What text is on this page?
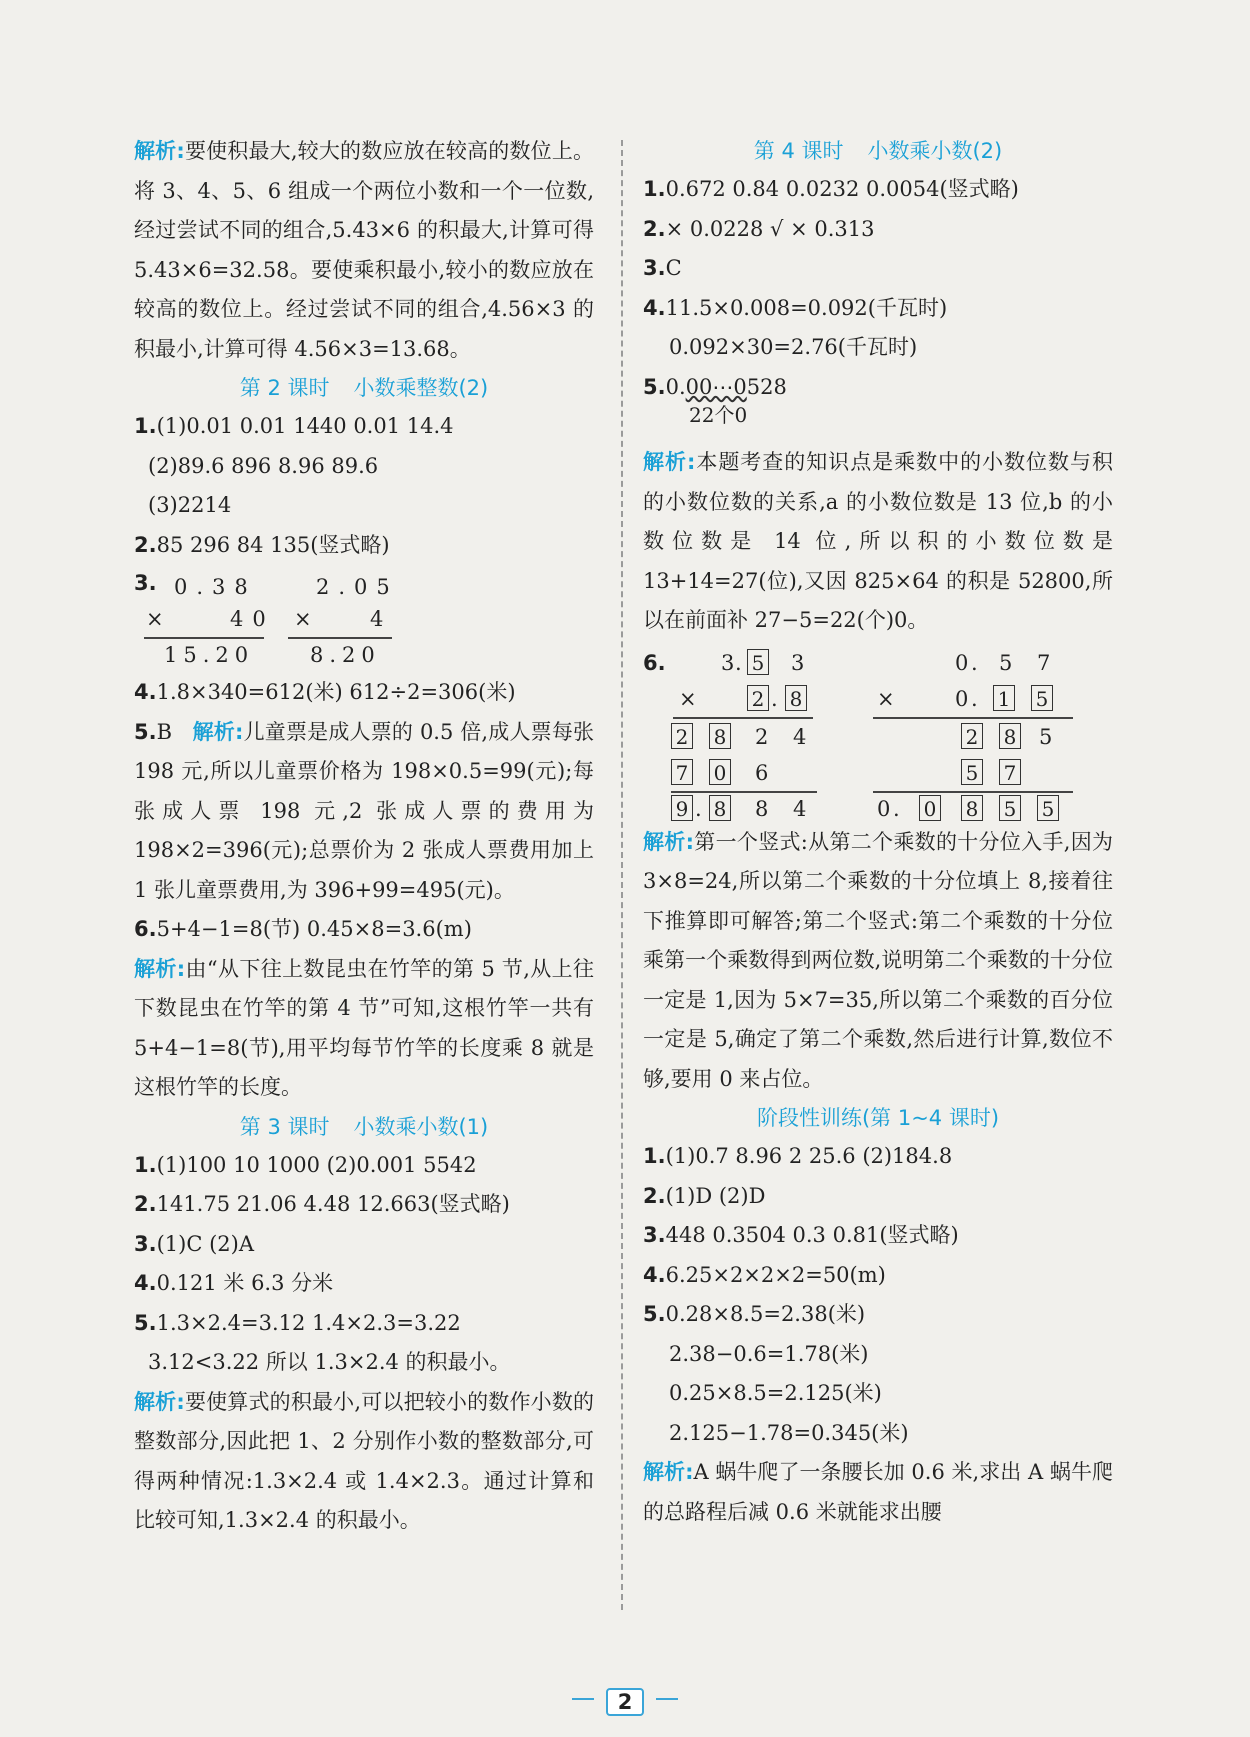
解析:要使积最大,较大的数应放在较高的数位上。将 3、4、5、6 组成一个两位小数和一个一位数,经过尝试不同的组合,5.43×6 的积最大,计算可得 5.43×6=32.58。要使乘积最小,较小的数应放在较高的数位上。经过尝试不同的组合,4.56×3 的积最小,计算可得 4.56×3=13.68。

第 2 课时 小数乘整数(2)

1.(1)0.01 0.01 1440 0.01 14.4

(2)89.6 896 8.96 89.6

(3)2214

2.85 296 84 135(竖式略)

3. 0.38
×	40
15.20
2.05
×	4
8.20

4.1.8×340=612(米) 612÷2=306(米)

5.B 解析:儿童票是成人票的 0.5 倍,成人票每张 198 元,所以儿童票价格为 198×0.5=99(元);每张成人票 198 元,2 张成人票的费用为 198×2=396(元);总票价为 2 张成人票费用加上 1 张儿童票费用,为 396+99=495(元)。

6.5+4−1=8(节) 0.45×8=3.6(m)

解析:由“从下往上数昆虫在竹竿的第 5 节,从上往下数昆虫在竹竿的第 4 节”可知,这根竹竿一共有 5+4−1=8(节),用平均每节竹竿的长度乘 8 就是这根竹竿的长度。

第 3 课时 小数乘小数(1)

1.(1)100 10 1000 (2)0.001 5542

2.141.75 21.06 4.48 12.663(竖式略)

3.(1)C (2)A

4.0.121 米 6.3 分米

5.1.3×2.4=3.12 1.4×2.3=3.22

3.12<3.22 所以 1.3×2.4 的积最小。

解析:要使算式的积最小,可以把较小的数作小数的整数部分,因此把 1、2 分别作小数的整数部分,可得两种情况:1.3×2.4 或 1.4×2.3。通过计算和比较可知,1.3×2.4 的积最小。

第 4 课时 小数乘小数(2)

1.0.672 0.84 0.0232 0.0054(竖式略)

2.× 0.0228 √ × 0.313

3.C

4.11.5×0.008=0.092(千瓦时)

0.092×30=2.76(千瓦时)

5.0.00⋯0528

22个0

解析:本题考查的知识点是乘数中的小数位数与积的小数位数的关系,a 的小数位数是 13 位,b 的小数位数是 14 位,所以积的小数位数是 13+14=27(位),又因 825×64 的积是 52800,所以在前面补 27−5=22(个)0。

6.	3 . 5 3
×	2 . 8
2 8 2 4
7 0 6
9 . 8 8 4
0 . 5 7
×	0 . 1 5
2 8 5
5 7
0 . 0 8 5 5

解析:第一个竖式:从第二个乘数的十分位入手,因为 3×8=24,所以第二个乘数的十分位填上 8,接着往下推算即可解答;第二个竖式:第二个乘数的十分位乘第一个乘数得到两位数,说明第二个乘数的十分位一定是 1,因为 5×7=35,所以第二个乘数的百分位一定是 5,确定了第二个乘数,然后进行计算,数位不够,要用 0 来占位。

阶段性训练(第 1~4 课时)

1.(1)0.7 8.96 2 25.6 (2)184.8

2.(1)D (2)D

3.448 0.3504 0.3 0.81(竖式略)

4.6.25×2×2×2=50(m)

5.0.28×8.5=2.38(米)

2.38−0.6=1.78(米)

0.25×8.5=2.125(米)

2.125−1.78=0.345(米)

解析:A 蜗牛爬了一条腰长加 0.6 米,求出 A 蜗牛爬的总路程后减 0.6 米就能求出腰

2
